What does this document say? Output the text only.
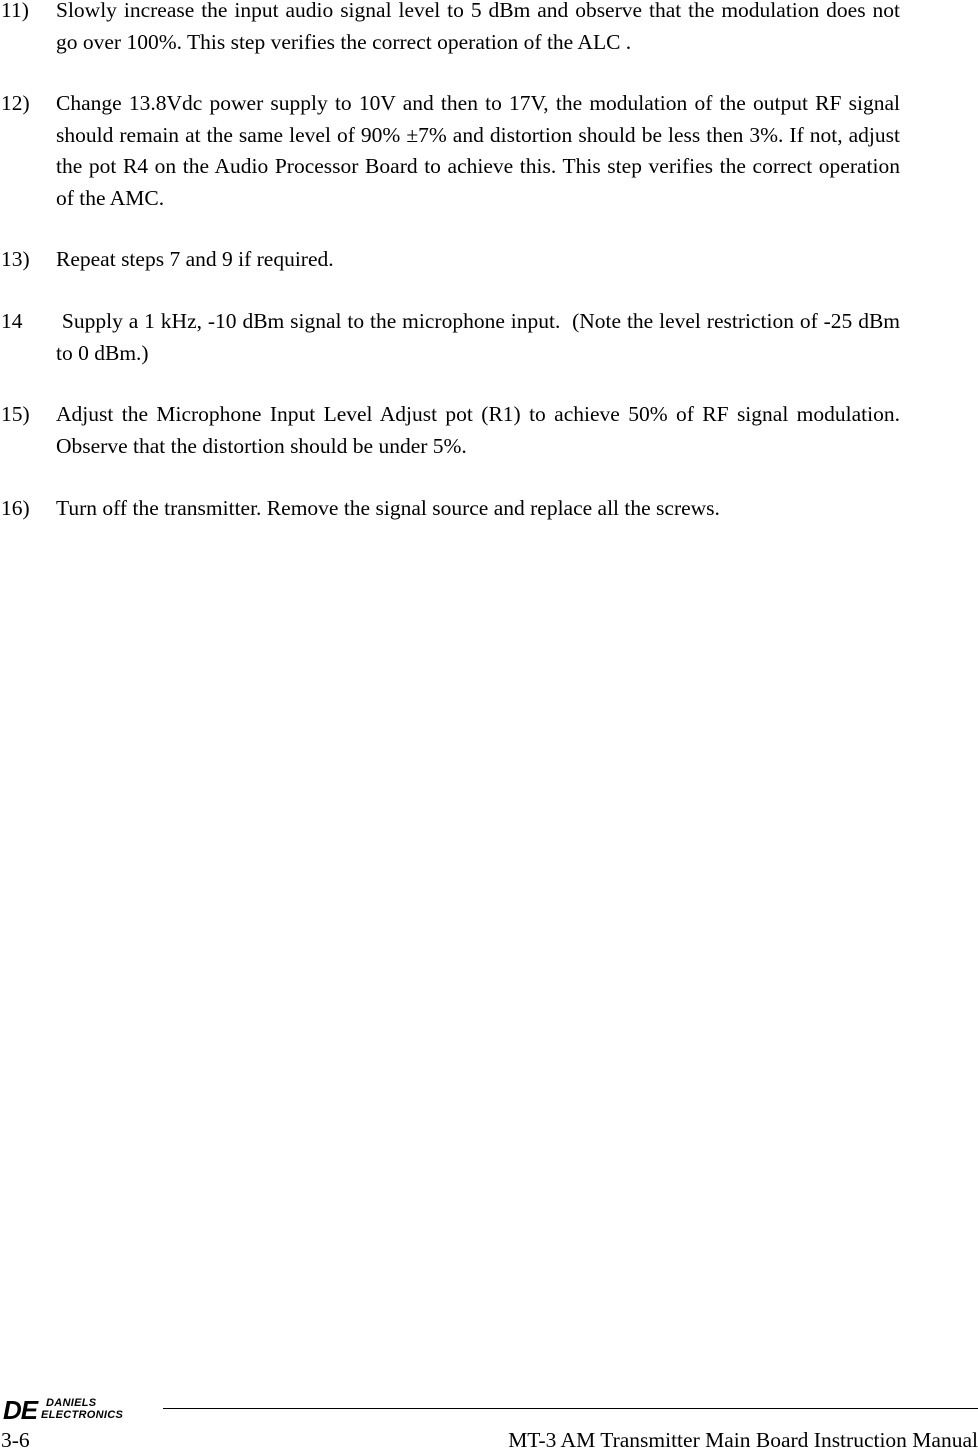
11) Slowly increase the input audio signal level to 5 dBm and observe that the modulation does not go over 100%. This step verifies the correct operation of the ALC .
12) Change 13.8Vdc power supply to 10V and then to 17V, the modulation of the output RF signal should remain at the same level of 90% ±7% and distortion should be less then 3%. If not, adjust the pot R4 on the Audio Processor Board to achieve this. This step verifies the correct operation of the AMC.
13) Repeat steps 7 and 9 if required.
14 Supply a 1 kHz, -10 dBm signal to the microphone input.  (Note the level restriction of -25 dBm to 0 dBm.)
15) Adjust the Microphone Input Level Adjust pot (R1) to achieve 50% of RF signal modulation. Observe that the distortion should be under 5%.
16) Turn off the transmitter. Remove the signal source and replace all the screws.
DE DANIELS
ELECTRONICS
3-6	MT-3 AM Transmitter Main Board Instruction Manual
